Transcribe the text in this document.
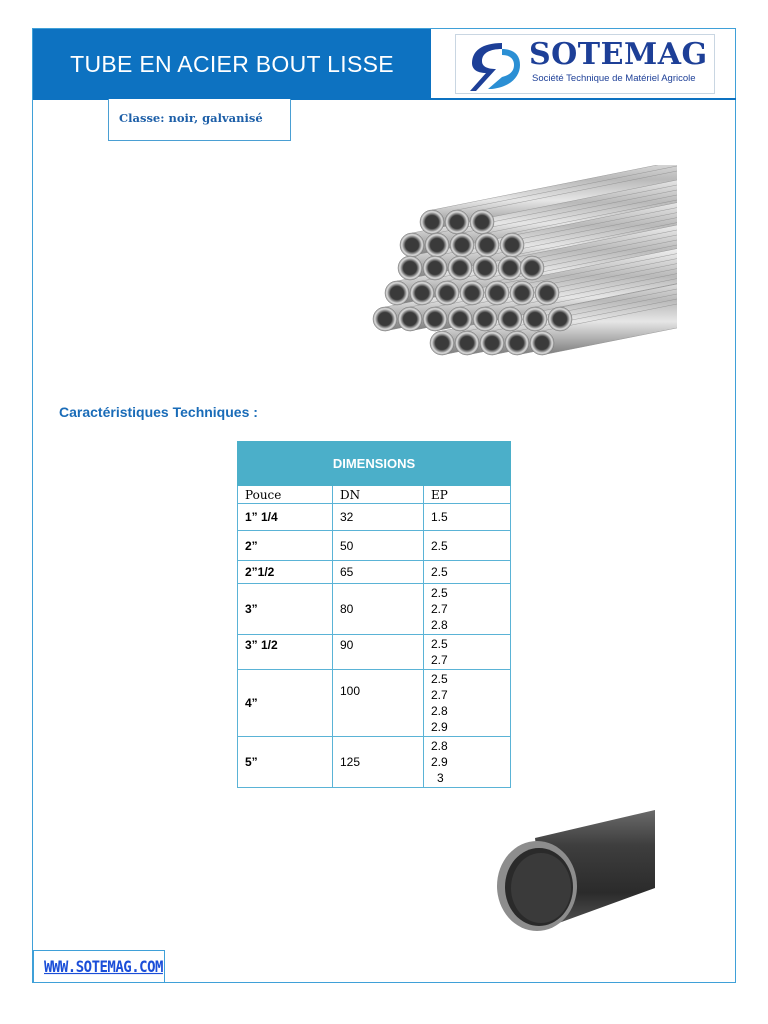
TUBE EN ACIER BOUT LISSE	SOTEMAG
Société Technique de Matériel Agricole
Classe: noir, galvanisé
Caractéristiques Techniques :
DIMENSIONS		
Pouce	DN	EP
1” 1/4	32	1.5

2”	50	2.5

2”1/2	65	2.5

3”	80	2.5
2.7
2.8

3” 1/2	90	2.5
2.7

4”	100	2.5
2.7
2.8
2.9

5”	125	2.8
2.9
3
WWW.SOTEMAG.COM
